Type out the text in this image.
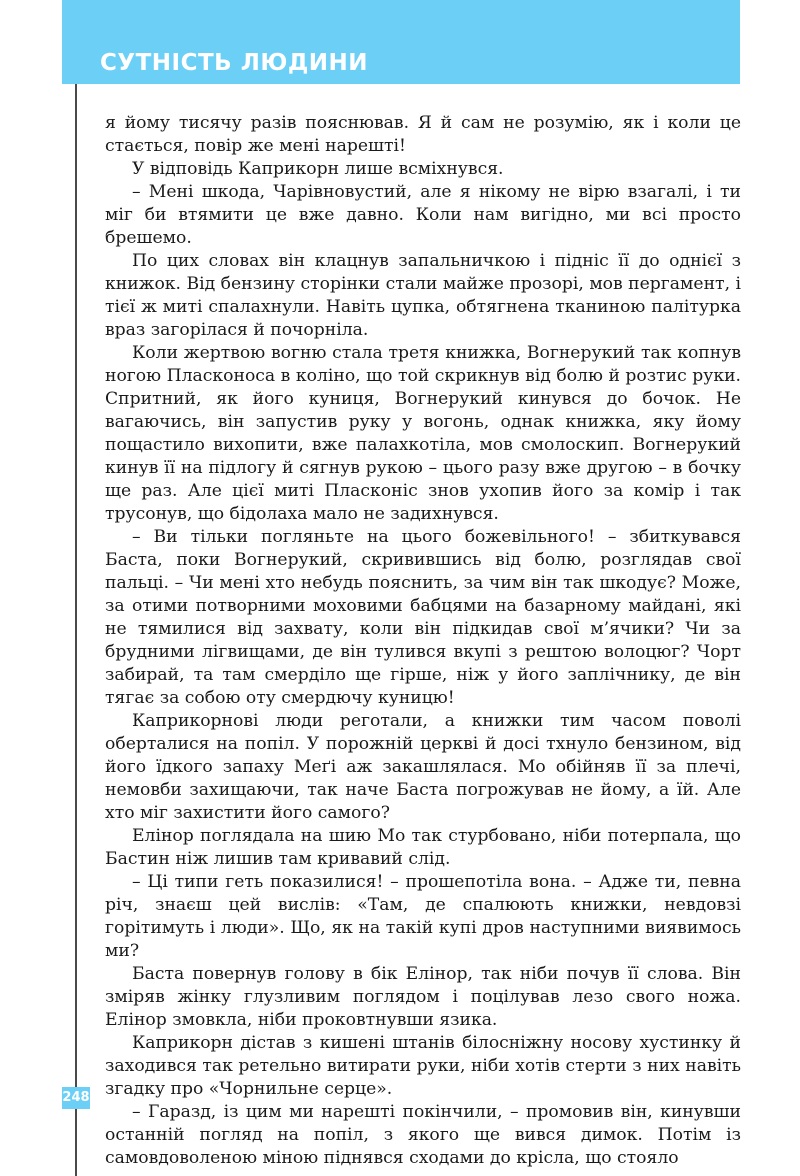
СУТНІСТЬ ЛЮДИНИ

я йому тисячу разів пояснював. Я й сам не розумію, як і коли це стається, повір же мені нарешті!

У відповідь Каприкорн лише всміхнувся.

– Мені шкода, Чарівновустий, але я нікому не вірю взагалі, і ти міг би втямити це вже давно. Коли нам вигідно, ми всі просто брешемо.

По цих словах він клацнув запальничкою і підніс її до однієї з книжок. Від бензину сторінки стали майже прозорі, мов пергамент, і тієї ж миті спалахнули. Навіть цупка, обтягнена тканиною палітурка враз загорілася й почорніла.

Коли жертвою вогню стала третя книжка, Вогнерукий так копнув ногою Пласконоса в коліно, що той скрикнув від болю й розтис руки. Спритний, як його куниця, Вогнерукий кинувся до бочок. Не вагаючись, він запустив руку у вогонь, однак книжка, яку йому пощастило вихопити, вже палахкотіла, мов смолоскип. Вогнерукий кинув її на підлогу й сягнув рукою – цього разу вже другою – в бочку ще раз. Але цієї миті Пласконіс знов ухопив його за комір і так трусонув, що бідолаха мало не задихнувся.

– Ви тільки погляньте на цього божевільного! – збиткувався Баста, поки Вогнерукий, скривившись від болю, розглядав свої пальці. – Чи мені хто небудь пояснить, за чим він так шкодує? Може, за отими потворними моховими бабцями на базарному майдані, які не тямилися від захвату, коли він підкидав свої м’ячики? Чи за брудними лігвищами, де він тулився вкупі з рештою волоцюг? Чорт забирай, та там смерділо ще гірше, ніж у його заплічнику, де він тягає за собою оту смердючу куницю!

Каприкорнові люди реготали, а книжки тим часом поволі оберталися на попіл. У порожній церкві й досі тхнуло бензином, від його їдкого запаху Меґі аж закашлялася. Мо обійняв її за плечі, немовби захищаючи, так наче Баста погрожував не йому, а їй. Але хто міг захистити його самого?

Елінор поглядала на шию Мо так стурбовано, ніби потерпала, що Бастин ніж лишив там кривавий слід.

– Ці типи геть показилися! – прошепотіла вона. – Адже ти, певна річ, знаєш цей вислів: «Там, де спалюють книжки, невдовзі горітимуть і люди». Що, як на такій купі дров наступними виявимось ми?

Баста повернув голову в бік Елінор, так ніби почув її слова. Він зміряв жінку глузливим поглядом і поцілував лезо свого ножа. Елінор змовкла, ніби проковтнувши язика.

Каприкорн дістав з кишені штанів білосніжну носову хустинку й заходився так ретельно витирати руки, ніби хотів стерти з них навіть згадку про «Чорнильне серце».

– Гаразд, із цим ми нарешті покінчили, – промовив він, кинувши останній погляд на попіл, з якого ще вився димок. Потім із самовдоволеною міною піднявся сходами до крісла, що стояло

248
